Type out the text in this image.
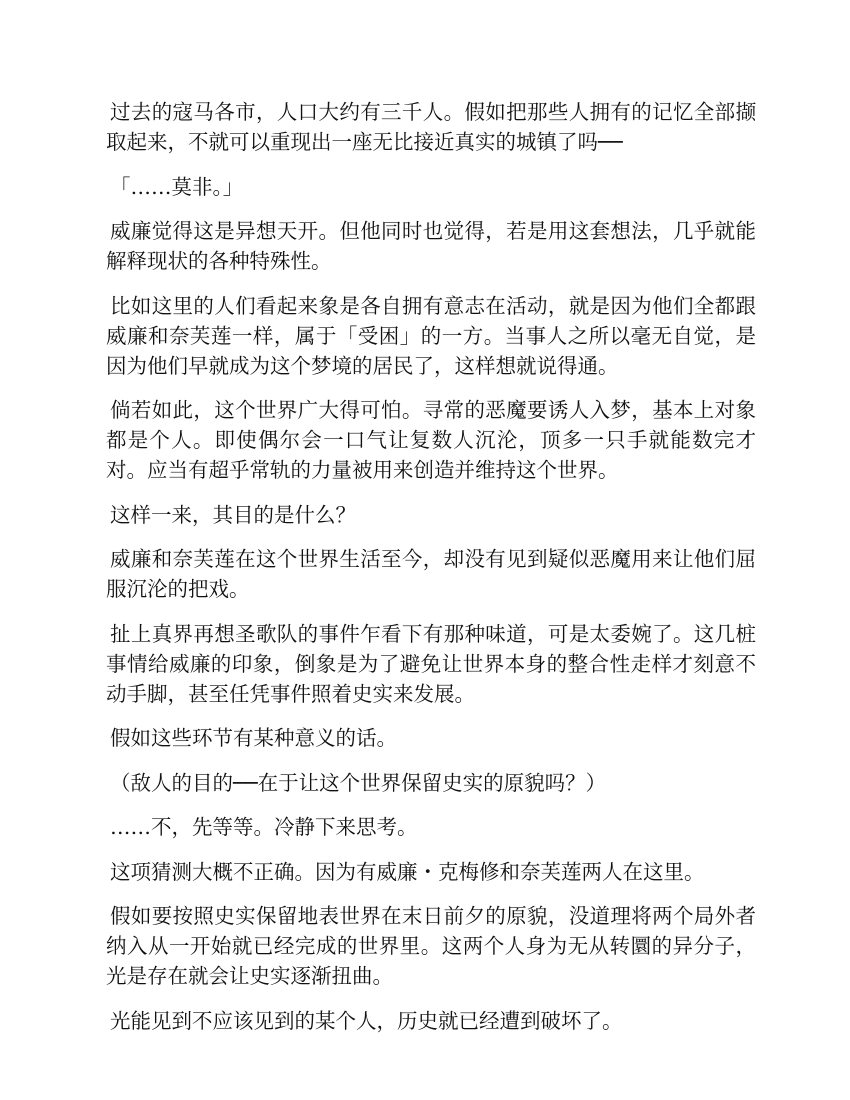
过去的寇马各市，人口大约有三千人。假如把那些人拥有的记忆全部撷取起来，不就可以重现出一座无比接近真实的城镇了吗──

「……莫非。」

威廉觉得这是异想天开。但他同时也觉得，若是用这套想法，几乎就能解释现状的各种特殊性。

比如这里的人们看起来象是各自拥有意志在活动，就是因为他们全都跟威廉和奈芙莲一样，属于「受困」的一方。当事人之所以毫无自觉，是因为他们早就成为这个梦境的居民了，这样想就说得通。

倘若如此，这个世界广大得可怕。寻常的恶魔要诱人入梦，基本上对象都是个人。即使偶尔会一口气让复数人沉沦，顶多一只手就能数完才对。应当有超乎常轨的力量被用来创造并维持这个世界。

这样一来，其目的是什么？

威廉和奈芙莲在这个世界生活至今，却没有见到疑似恶魔用来让他们屈服沉沦的把戏。

扯上真界再想圣歌队的事件乍看下有那种味道，可是太委婉了。这几桩事情给威廉的印象，倒象是为了避免让世界本身的整合性走样才刻意不动手脚，甚至任凭事件照着史实来发展。

假如这些环节有某种意义的话。

（敌人的目的──在于让这个世界保留史实的原貌吗？）

……不，先等等。冷静下来思考。

这项猜测大概不正确。因为有威廉・克梅修和奈芙莲两人在这里。

假如要按照史实保留地表世界在末日前夕的原貌，没道理将两个局外者纳入从一开始就已经完成的世界里。这两个人身为无从转圜的异分子，光是存在就会让史实逐渐扭曲。

光能见到不应该见到的某个人，历史就已经遭到破坏了。
